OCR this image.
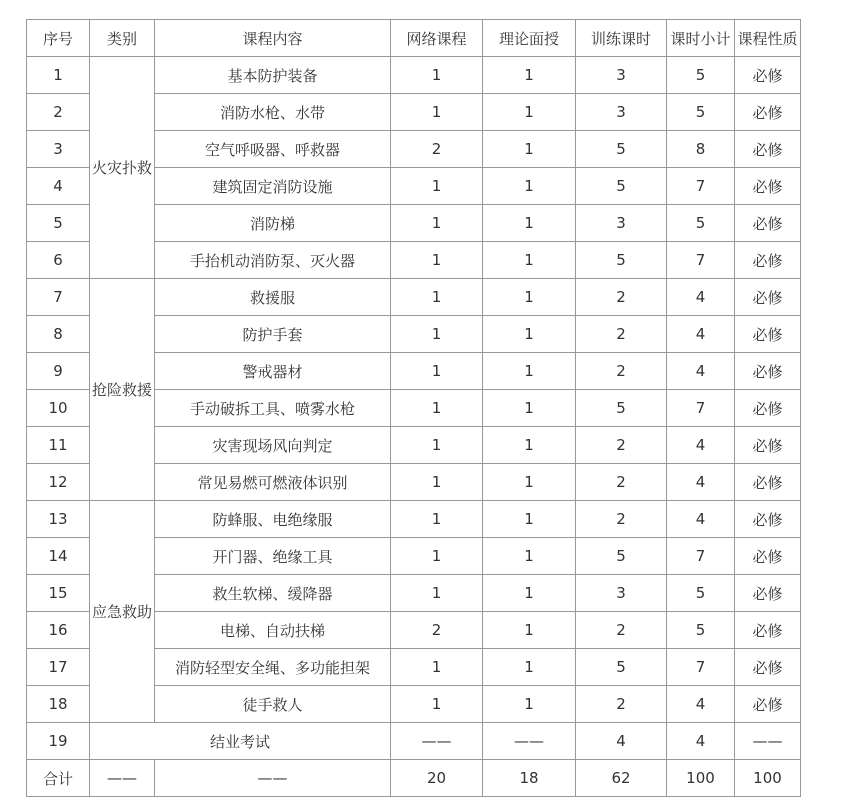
序号	类别	课程内容	网络课程	理论面授	训练课时	课时小计	课程性质
1	火灾扑救	基本防护装备	1	1	3	5	必修
2		消防水枪、水带	1	1	3	5	必修
3		空气呼吸器、呼救器	2	1	5	8	必修
4		建筑固定消防设施	1	1	5	7	必修
5		消防梯	1	1	3	5	必修
6		手抬机动消防泵、灭火器	1	1	5	7	必修
7	抢险救援	救援服	1	1	2	4	必修
8		防护手套	1	1	2	4	必修
9		警戒器材	1	1	2	4	必修
10		手动破拆工具、喷雾水枪	1	1	5	7	必修
11		灾害现场风向判定	1	1	2	4	必修
12		常见易燃可燃液体识别	1	1	2	4	必修
13	应急救助	防蜂服、电绝缘服	1	1	2	4	必修
14		开门器、绝缘工具	1	1	5	7	必修
15		救生软梯、缓降器	1	1	3	5	必修
16		电梯、自动扶梯	2	1	2	5	必修
17		消防轻型安全绳、多功能担架	1	1	5	7	必修
18		徒手救人	1	1	2	4	必修
19	结业考试		——	——	4	4	——
合计	——	——	20	18	62	100	100
